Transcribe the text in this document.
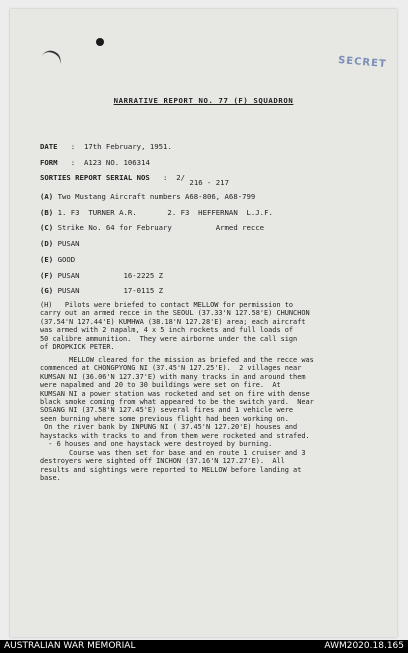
SECRET
NARRATIVE REPORT NO. 77 (F) SQUADRON
DATE   :  17th February, 1951.
FORM   :  A123 NO. 106314
SORTIES REPORT SERIAL NOS   :  2/ 216 - 217
(A) Two Mustang Aircraft numbers A68-806, A68-799
(B) 1. F3  TURNER A.R.       2. F3  HEFFERNAN  L.J.F.
(C) Strike No. 64 for February          Armed recce
(D) PUSAN
(E) GOOD
(F) PUSAN          16-2225 Z
(G) PUSAN          17-0115 Z
(H)   Pilots were briefed to contact MELLOW for permission to
carry out an armed recce in the SEOUL (37.33'N 127.58'E) CHUNCHON
(37.54'N 127.44'E) KUMHWA (38.18'N 127.28'E) area; each aircraft
was armed with 2 napalm, 4 x 5 inch rockets and full loads of
50 calibre ammunition.  They were airborne under the call sign
of DROPKICK PETER.
MELLOW cleared for the mission as briefed and the recce was
commenced at CHONGPYONG NI (37.45'N 127.25'E).  2 villages near
KUMSAN NI (36.06'N 127.37'E) with many tracks in and around them
were napalmed and 20 to 30 buildings were set on fire.  At
KUMSAN NI a power station was rocketed and set on fire with dense
black smoke coming from what appeared to be the switch yard.  Near
SOSANG NI (37.58'N 127.45'E) several fires and 1 vehicle were
seen burning where some previous flight had been working on.
On the river bank by INPUNG NI ( 37.45'N 127.20'E) houses and
haystacks with tracks to and from them were rocketed and strafed.
- 6 houses and one haystack were destroyed by burning.
Course was then set for base and en route 1 cruiser and 3
destroyers were sighted off INCHON (37.16'N 127.27'E).  All
results and sightings were reported to MELLOW before landing at
base.
AUSTRALIAN WAR MEMORIAL	AWM2020.18.165
